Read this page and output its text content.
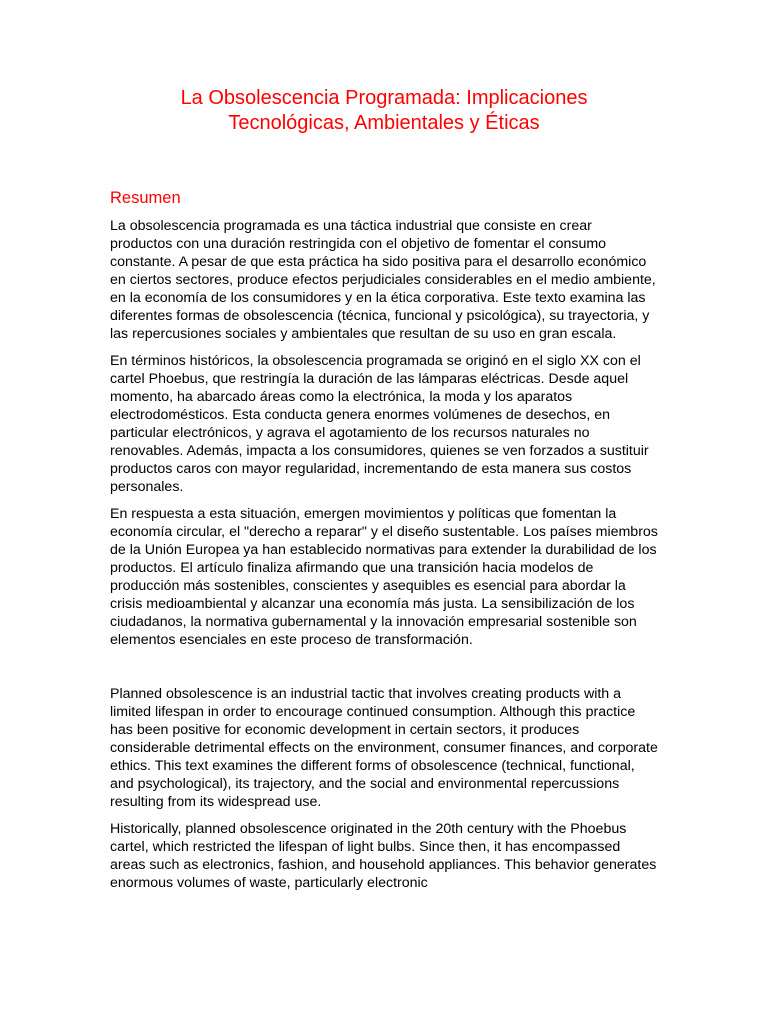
La Obsolescencia Programada: Implicaciones
Tecnológicas, Ambientales y Éticas
Resumen

La obsolescencia programada es una táctica industrial que consiste en crear productos con una duración restringida con el objetivo de fomentar el consumo constante. A pesar de que esta práctica ha sido positiva para el desarrollo económico en ciertos sectores, produce efectos perjudiciales considerables en el medio ambiente, en la economía de los consumidores y en la ética corporativa. Este texto examina las diferentes formas de obsolescencia (técnica, funcional y psicológica), su trayectoria, y las repercusiones sociales y ambientales que resultan de su uso en gran escala.

En términos históricos, la obsolescencia programada se originó en el siglo XX con el cartel Phoebus, que restringía la duración de las lámparas eléctricas. Desde aquel momento, ha abarcado áreas como la electrónica, la moda y los aparatos electrodomésticos. Esta conducta genera enormes volúmenes de desechos, en particular electrónicos, y agrava el agotamiento de los recursos naturales no renovables. Además, impacta a los consumidores, quienes se ven forzados a sustituir productos caros con mayor regularidad, incrementando de esta manera sus costos personales.

En respuesta a esta situación, emergen movimientos y políticas que fomentan la economía circular, el "derecho a reparar" y el diseño sustentable. Los países miembros de la Unión Europea ya han establecido normativas para extender la durabilidad de los productos. El artículo finaliza afirmando que una transición hacia modelos de producción más sostenibles, conscientes y asequibles es esencial para abordar la crisis medioambiental y alcanzar una economía más justa. La sensibilización de los ciudadanos, la normativa gubernamental y la innovación empresarial sostenible son elementos esenciales en este proceso de transformación.

Planned obsolescence is an industrial tactic that involves creating products with a limited lifespan in order to encourage continued consumption. Although this practice has been positive for economic development in certain sectors, it produces considerable detrimental effects on the environment, consumer finances, and corporate ethics. This text examines the different forms of obsolescence (technical, functional, and psychological), its trajectory, and the social and environmental repercussions resulting from its widespread use.

Historically, planned obsolescence originated in the 20th century with the Phoebus cartel, which restricted the lifespan of light bulbs. Since then, it has encompassed areas such as electronics, fashion, and household appliances. This behavior generates enormous volumes of waste, particularly electronic
